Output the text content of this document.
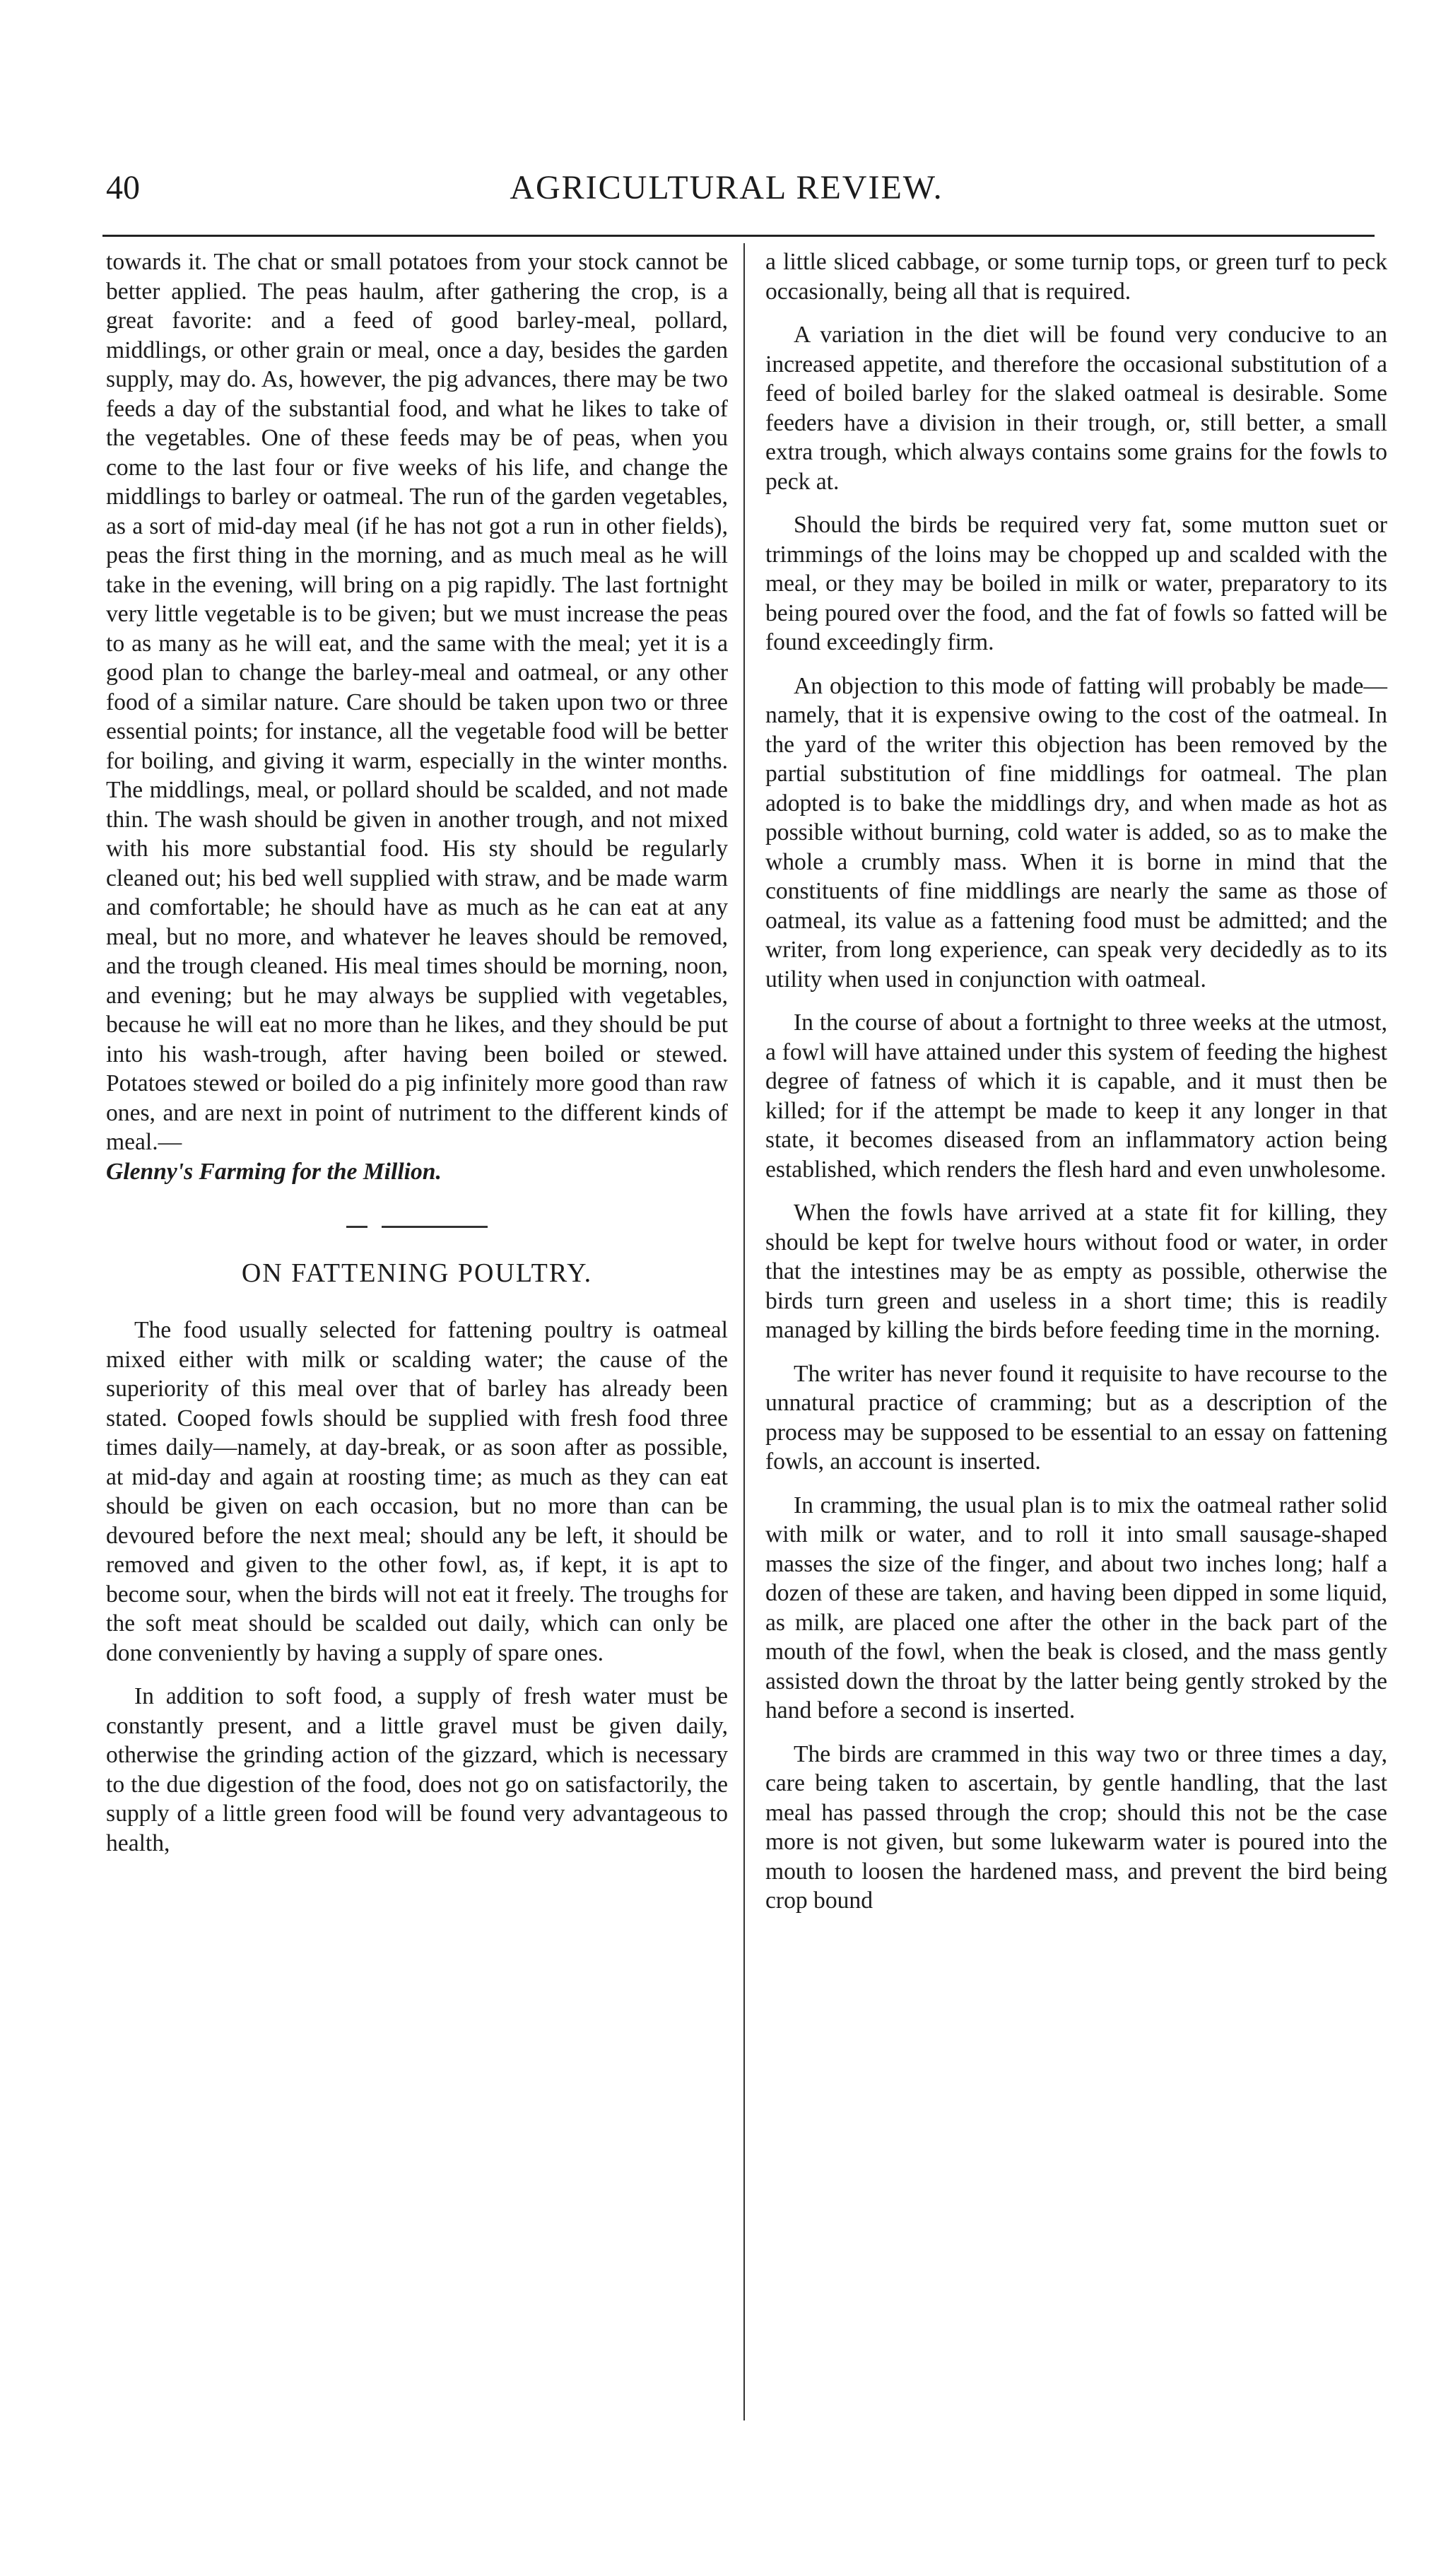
40	AGRICULTURAL REVIEW.

towards it. The chat or small potatoes from your stock cannot be better applied. The peas haulm, after gathering the crop, is a great favorite: and a feed of good barley-meal, pollard, middlings, or other grain or meal, once a day, besides the garden supply, may do. As, however, the pig advances, there may be two feeds a day of the substantial food, and what he likes to take of the vegetables. One of these feeds may be of peas, when you come to the last four or five weeks of his life, and change the middlings to barley or oatmeal. The run of the garden vegetables, as a sort of mid-day meal (if he has not got a run in other fields), peas the first thing in the morning, and as much meal as he will take in the evening, will bring on a pig rapidly. The last fortnight very little vegetable is to be given; but we must increase the peas to as many as he will eat, and the same with the meal; yet it is a good plan to change the barley-meal and oatmeal, or any other food of a similar nature. Care should be taken upon two or three essential points; for instance, all the vegetable food will be better for boiling, and giving it warm, especially in the winter months. The middlings, meal, or pollard should be scalded, and not made thin. The wash should be given in another trough, and not mixed with his more substantial food. His sty should be regularly cleaned out; his bed well supplied with straw, and be made warm and comfortable; he should have as much as he can eat at any meal, but no more, and whatever he leaves should be removed, and the trough cleaned. His meal times should be morning, noon, and evening; but he may always be supplied with vegetables, because he will eat no more than he likes, and they should be put into his wash-trough, after having been boiled or stewed. Potatoes stewed or boiled do a pig infinitely more good than raw ones, and are next in point of nutriment to the different kinds of meal.—

Glenny's Farming for the Million.

ON FATTENING POULTRY.

The food usually selected for fattening poultry is oatmeal mixed either with milk or scalding water; the cause of the superiority of this meal over that of barley has already been stated. Cooped fowls should be supplied with fresh food three times daily—namely, at day-break, or as soon after as possible, at mid-day and again at roosting time; as much as they can eat should be given on each occasion, but no more than can be devoured before the next meal; should any be left, it should be removed and given to the other fowl, as, if kept, it is apt to become sour, when the birds will not eat it freely. The troughs for the soft meat should be scalded out daily, which can only be done conveniently by having a supply of spare ones.

In addition to soft food, a supply of fresh water must be constantly present, and a little gravel must be given daily, otherwise the grinding action of the gizzard, which is necessary to the due digestion of the food, does not go on satisfactorily, the supply of a little green food will be found very advantageous to health,

a little sliced cabbage, or some turnip tops, or green turf to peck occasionally, being all that is required.

A variation in the diet will be found very conducive to an increased appetite, and therefore the occasional substitution of a feed of boiled barley for the slaked oatmeal is desirable. Some feeders have a division in their trough, or, still better, a small extra trough, which always contains some grains for the fowls to peck at.

Should the birds be required very fat, some mutton suet or trimmings of the loins may be chopped up and scalded with the meal, or they may be boiled in milk or water, preparatory to its being poured over the food, and the fat of fowls so fatted will be found exceedingly firm.

An objection to this mode of fatting will probably be made—namely, that it is expensive owing to the cost of the oatmeal. In the yard of the writer this objection has been removed by the partial substitution of fine middlings for oatmeal. The plan adopted is to bake the middlings dry, and when made as hot as possible without burning, cold water is added, so as to make the whole a crumbly mass. When it is borne in mind that the constituents of fine middlings are nearly the same as those of oatmeal, its value as a fattening food must be admitted; and the writer, from long experience, can speak very decidedly as to its utility when used in conjunction with oatmeal.

In the course of about a fortnight to three weeks at the utmost, a fowl will have attained under this system of feeding the highest degree of fatness of which it is capable, and it must then be killed; for if the attempt be made to keep it any longer in that state, it becomes diseased from an inflammatory action being established, which renders the flesh hard and even unwholesome.

When the fowls have arrived at a state fit for killing, they should be kept for twelve hours without food or water, in order that the intestines may be as empty as possible, otherwise the birds turn green and useless in a short time; this is readily managed by killing the birds before feeding time in the morning.

The writer has never found it requisite to have recourse to the unnatural practice of cramming; but as a description of the process may be supposed to be essential to an essay on fattening fowls, an account is inserted.

In cramming, the usual plan is to mix the oatmeal rather solid with milk or water, and to roll it into small sausage-shaped masses the size of the finger, and about two inches long; half a dozen of these are taken, and having been dipped in some liquid, as milk, are placed one after the other in the back part of the mouth of the fowl, when the beak is closed, and the mass gently assisted down the throat by the latter being gently stroked by the hand before a second is inserted.

The birds are crammed in this way two or three times a day, care being taken to ascertain, by gentle handling, that the last meal has passed through the crop; should this not be the case more is not given, but some lukewarm water is poured into the mouth to loosen the hardened mass, and prevent the bird being crop bound
